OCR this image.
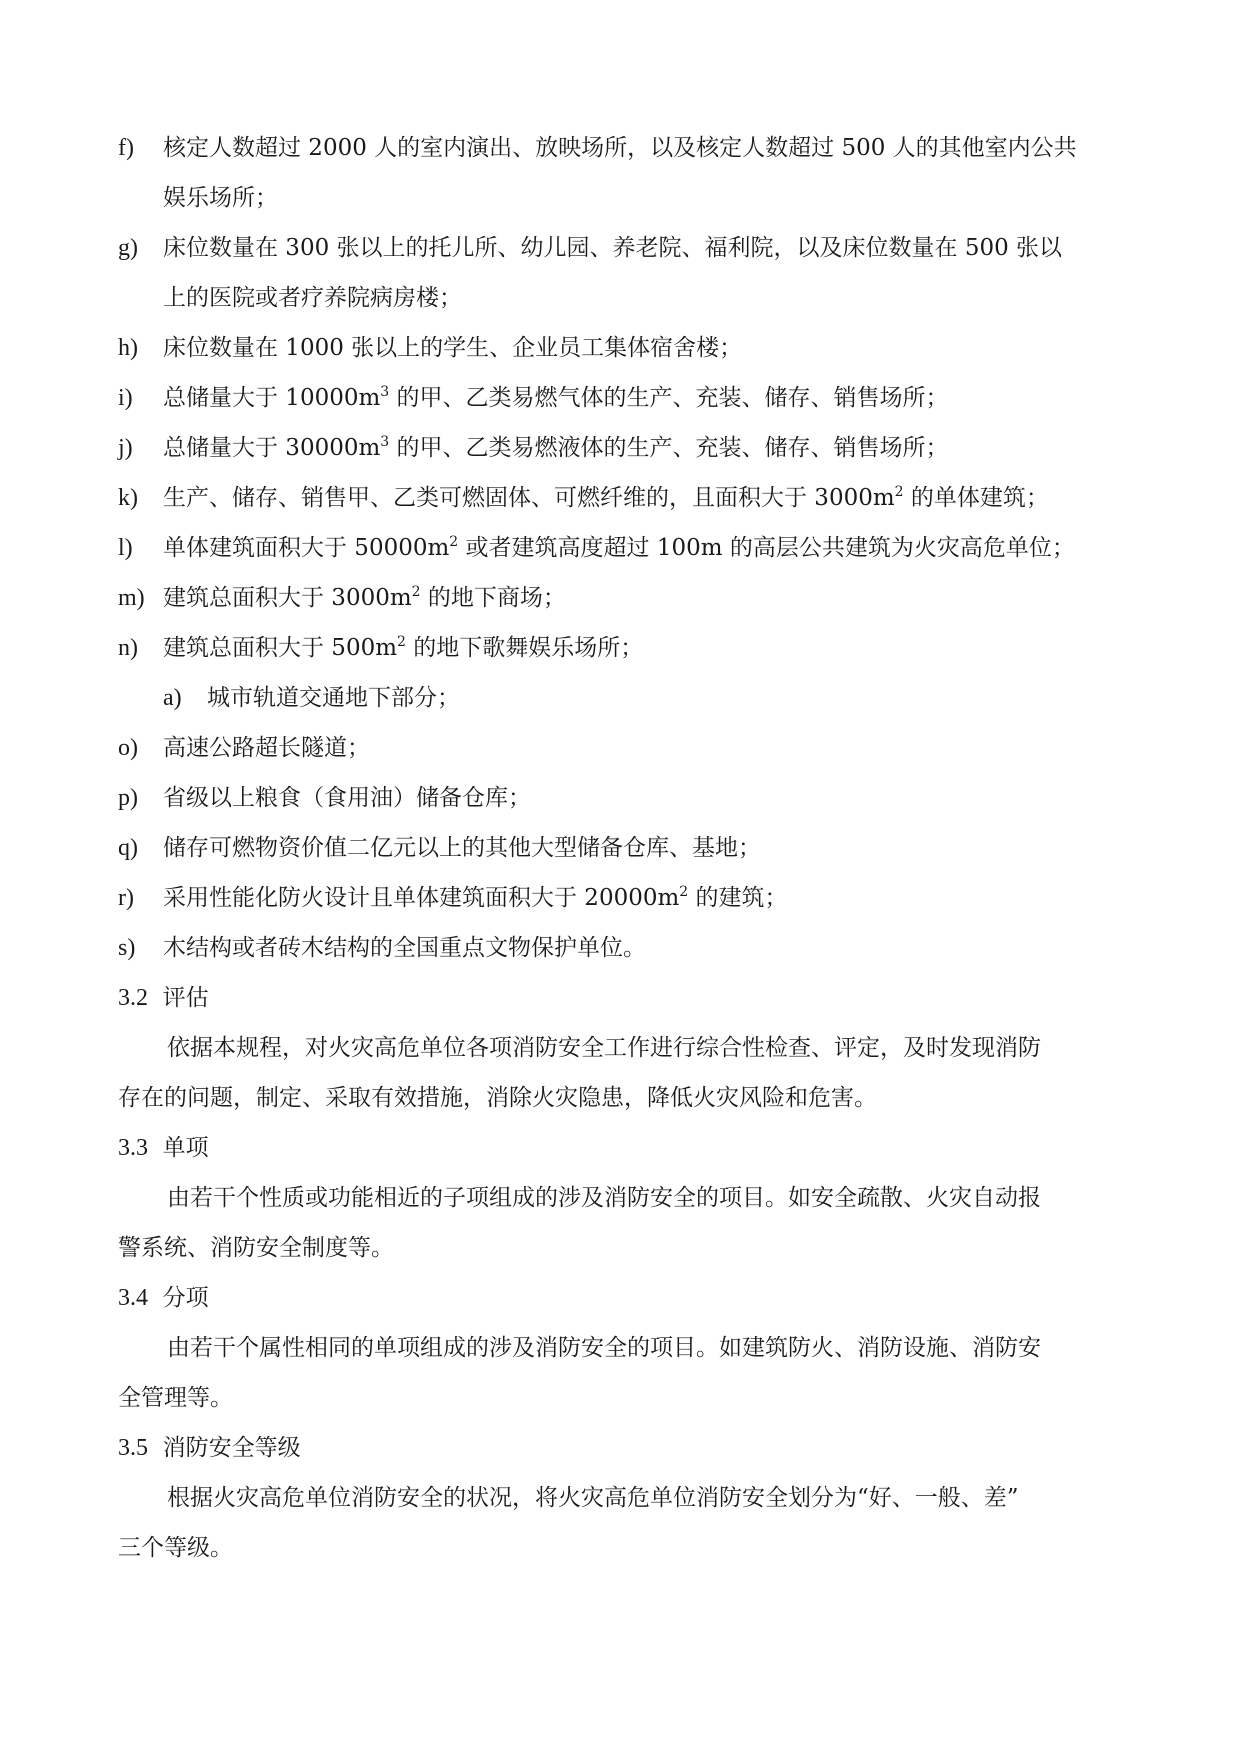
f) 核定人数超过 2000 人的室内演出、放映场所，以及核定人数超过 500 人的其他室内公共
娱乐场所；
g) 床位数量在 300 张以上的托儿所、幼儿园、养老院、福利院，以及床位数量在 500 张以
上的医院或者疗养院病房楼；
h) 床位数量在 1000 张以上的学生、企业员工集体宿舍楼；
i) 总储量大于 $10000m^3$ 的甲、乙类易燃气体的生产、充装、储存、销售场所；
j) 总储量大于 $30000m^3$ 的甲、乙类易燃液体的生产、充装、储存、销售场所；
k) 生产、储存、销售甲、乙类可燃固体、可燃纤维的，且面积大于 $3000m^2$ 的单体建筑；
l) 单体建筑面积大于 $50000m^2$ 或者建筑高度超过 100m 的高层公共建筑为火灾高危单位；
m) 建筑总面积大于 $3000m^2$ 的地下商场；
n) 建筑总面积大于 $500m^2$ 的地下歌舞娱乐场所；
a) 城市轨道交通地下部分；
o) 高速公路超长隧道；
p) 省级以上粮食（食用油）储备仓库；
q) 储存可燃物资价值二亿元以上的其他大型储备仓库、基地；
r) 采用性能化防火设计且单体建筑面积大于 $20000m^2$ 的建筑；
s) 木结构或者砖木结构的全国重点文物保护单位。
3.2 评估
依据本规程，对火灾高危单位各项消防安全工作进行综合性检查、评定，及时发现消防
存在的问题，制定、采取有效措施，消除火灾隐患，降低火灾风险和危害。
3.3 单项
由若干个性质或功能相近的子项组成的涉及消防安全的项目。如安全疏散、火灾自动报
警系统、消防安全制度等。
3.4 分项
由若干个属性相同的单项组成的涉及消防安全的项目。如建筑防火、消防设施、消防安
全管理等。
3.5 消防安全等级
根据火灾高危单位消防安全的状况，将火灾高危单位消防安全划分为“好、一般、差”
三个等级。
